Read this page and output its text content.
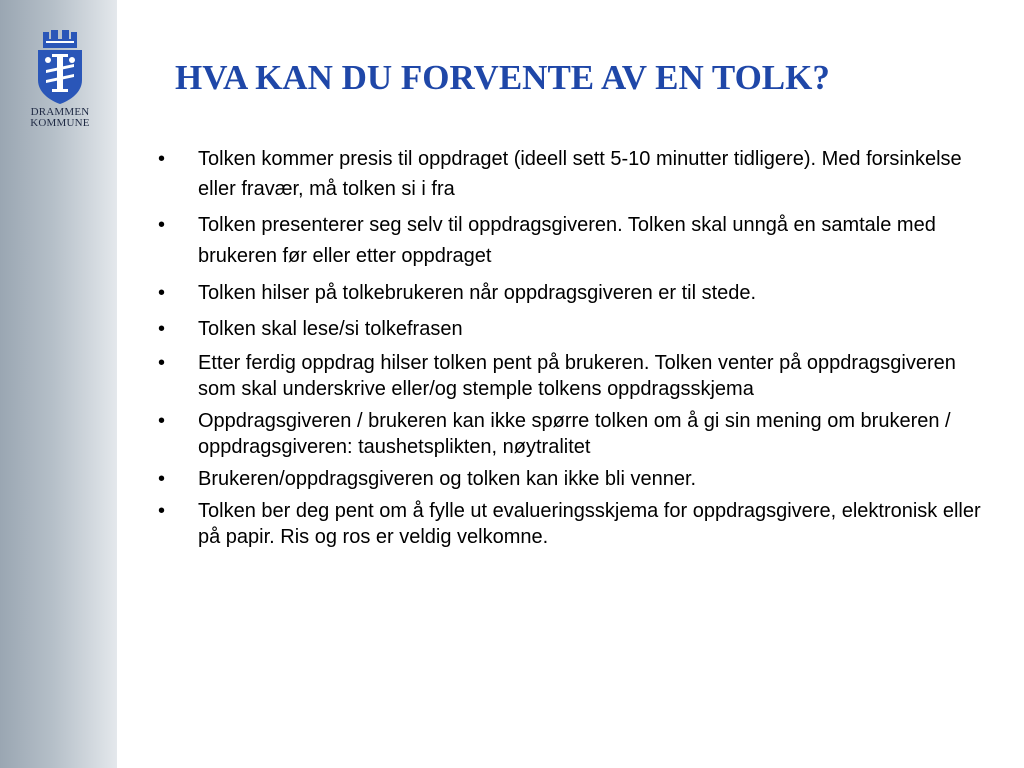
DRAMMEN
KOMMUNE
HVA KAN DU FORVENTE AV EN TOLK?
• Tolken kommer presis til oppdraget (ideell sett 5-10 minutter tidligere). Med forsinkelse eller fravær, må tolken si i fra
• Tolken presenterer seg selv til oppdragsgiveren. Tolken skal unngå en samtale med brukeren før eller etter oppdraget
• Tolken hilser på tolkebrukeren når oppdragsgiveren er til stede.
• Tolken skal lese/si tolkefrasen
• Etter ferdig oppdrag hilser tolken pent på brukeren. Tolken venter på oppdragsgiveren som skal underskrive eller/og stemple tolkens oppdragsskjema
• Oppdragsgiveren / brukeren kan ikke spørre tolken om å gi sin mening om brukeren / oppdragsgiveren: taushetsplikten, nøytralitet
• Brukeren/oppdragsgiveren og tolken kan ikke bli venner.
• Tolken ber deg pent om å fylle ut evalueringsskjema for oppdragsgivere, elektronisk eller på papir. Ris og ros er veldig velkomne.
